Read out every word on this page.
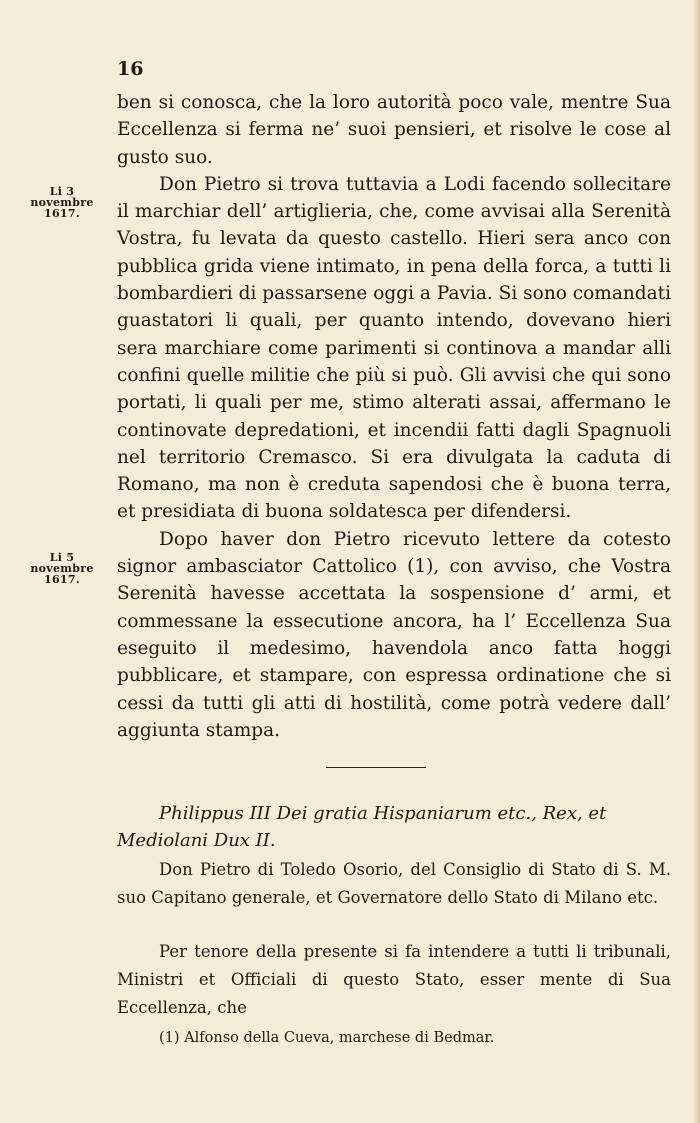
16
Li 3
novembre
1617.
Li 5
novembre
1617.

ben si conosca, che la loro autorità poco vale, mentre Sua Eccellenza si ferma ne’ suoi pensieri, et risolve le cose al gusto suo.

Don Pietro si trova tuttavia a Lodi facendo sollecitare il marchiar dell’ artiglieria, che, come avvisai alla Serenità Vostra, fu levata da questo castello. Hieri sera anco con pubblica grida viene intimato, in pena della forca, a tutti li bombardieri di passarsene oggi a Pavia. Si sono comandati guastatori li quali, per quanto intendo, dovevano hieri sera marchiare come parimenti si continova a mandar alli confini quelle militie che più si può. Gli avvisi che qui sono portati, li quali per me, stimo alterati assai, affermano le continovate depredationi, et incendii fatti dagli Spagnuoli nel territorio Cremasco. Si era divulgata la caduta di Romano, ma non è creduta sapendosi che è buona terra, et presidiata di buona soldatesca per difendersi.

Dopo haver don Pietro ricevuto lettere da cotesto signor ambasciator Cattolico (1), con avviso, che Vostra Serenità havesse accettata la sospensione d’ armi, et commessane la essecutione ancora, ha l’ Eccellenza Sua eseguito il medesimo, havendola anco fatta hoggi pubblicare, et stampare, con espressa ordinatione che si cessi da tutti gli atti di hostilità, come potrà vedere dall’ aggiunta stampa.

Philippus III Dei gratia Hispaniarum etc., Rex, et Mediolani Dux II.
Don Pietro di Toledo Osorio, del Consiglio di Stato di S. M. suo Capitano generale, et Governatore dello Stato di Milano etc.
Per tenore della presente si fa intendere a tutti li tribunali, Ministri et Officiali di questo Stato, esser mente di Sua Eccellenza, che
(1) Alfonso della Cueva, marchese di Bedmar.
